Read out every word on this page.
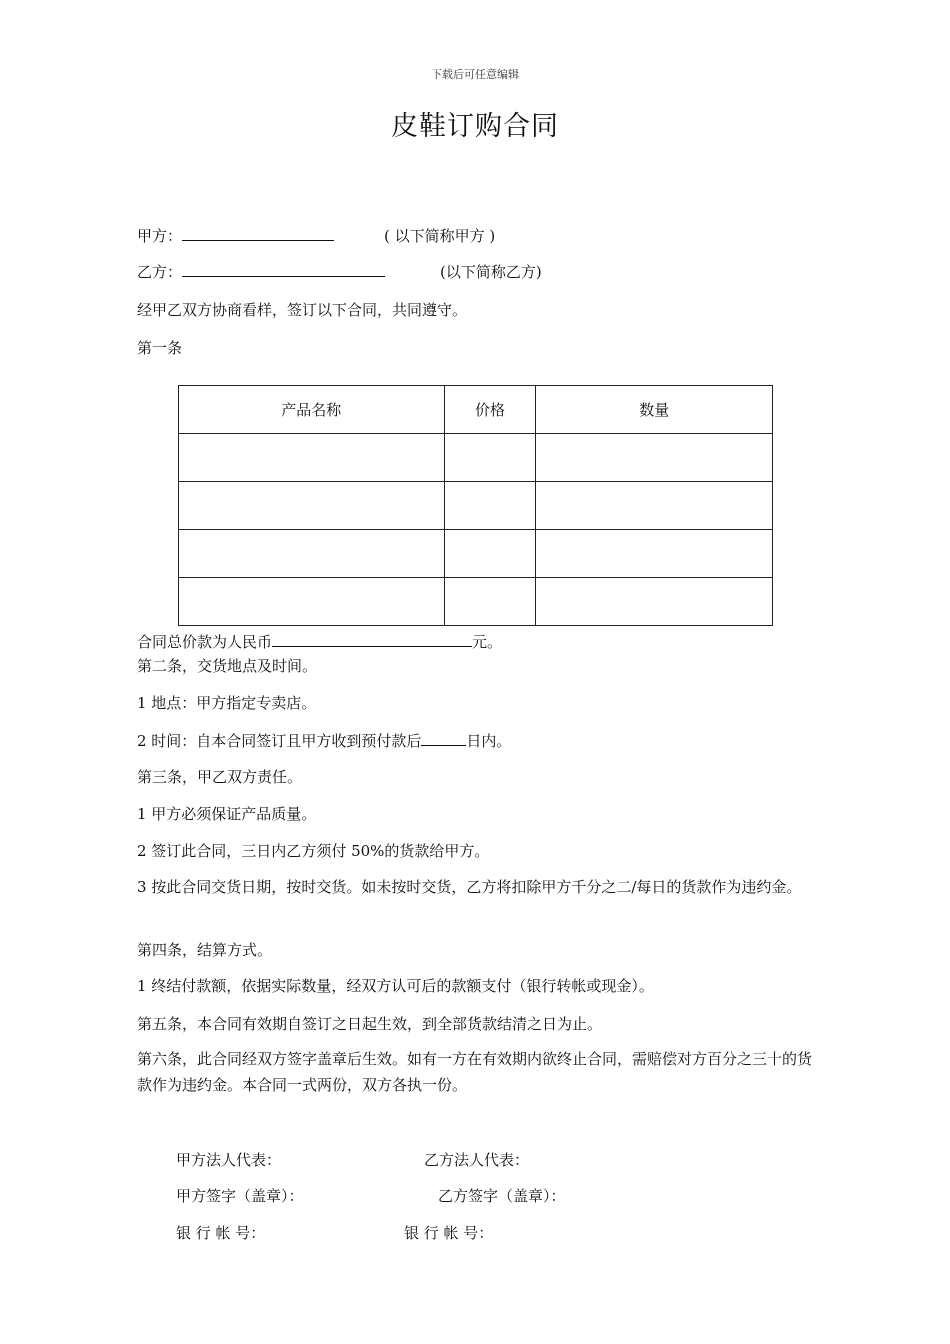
下载后可任意编辑
皮鞋订购合同
甲方：	( 以下简称甲方 )
乙方：	(以下简称乙方)
经甲乙双方协商看样，签订以下合同，共同遵守。
第一条
产品名称	价格	数量

合同总价款为人民币	元。
第二条，交货地点及时间。
1 地点：甲方指定专卖店。
2 时间：自本合同签订且甲方收到预付款后	日内。
第三条，甲乙双方责任。
1 甲方必须保证产品质量。
2 签订此合同，三日内乙方须付 50%的货款给甲方。
3 按此合同交货日期，按时交货。如未按时交货，乙方将扣除甲方千分之二/每日的货款作为违约金。
第四条，结算方式。
1 终结付款额，依据实际数量，经双方认可后的款额支付（银行转帐或现金）。
第五条，本合同有效期自签订之日起生效，到全部货款结清之日为止。
第六条，此合同经双方签字盖章后生效。如有一方在有效期内欲终止合同，需赔偿对方百分之三十的货款作为违约金。本合同一式两份，双方各执一份。
甲方法人代表：	乙方法人代表：
甲方签字（盖章）：	乙方签字（盖章）：
银 行 帐 号：	银 行 帐 号：
